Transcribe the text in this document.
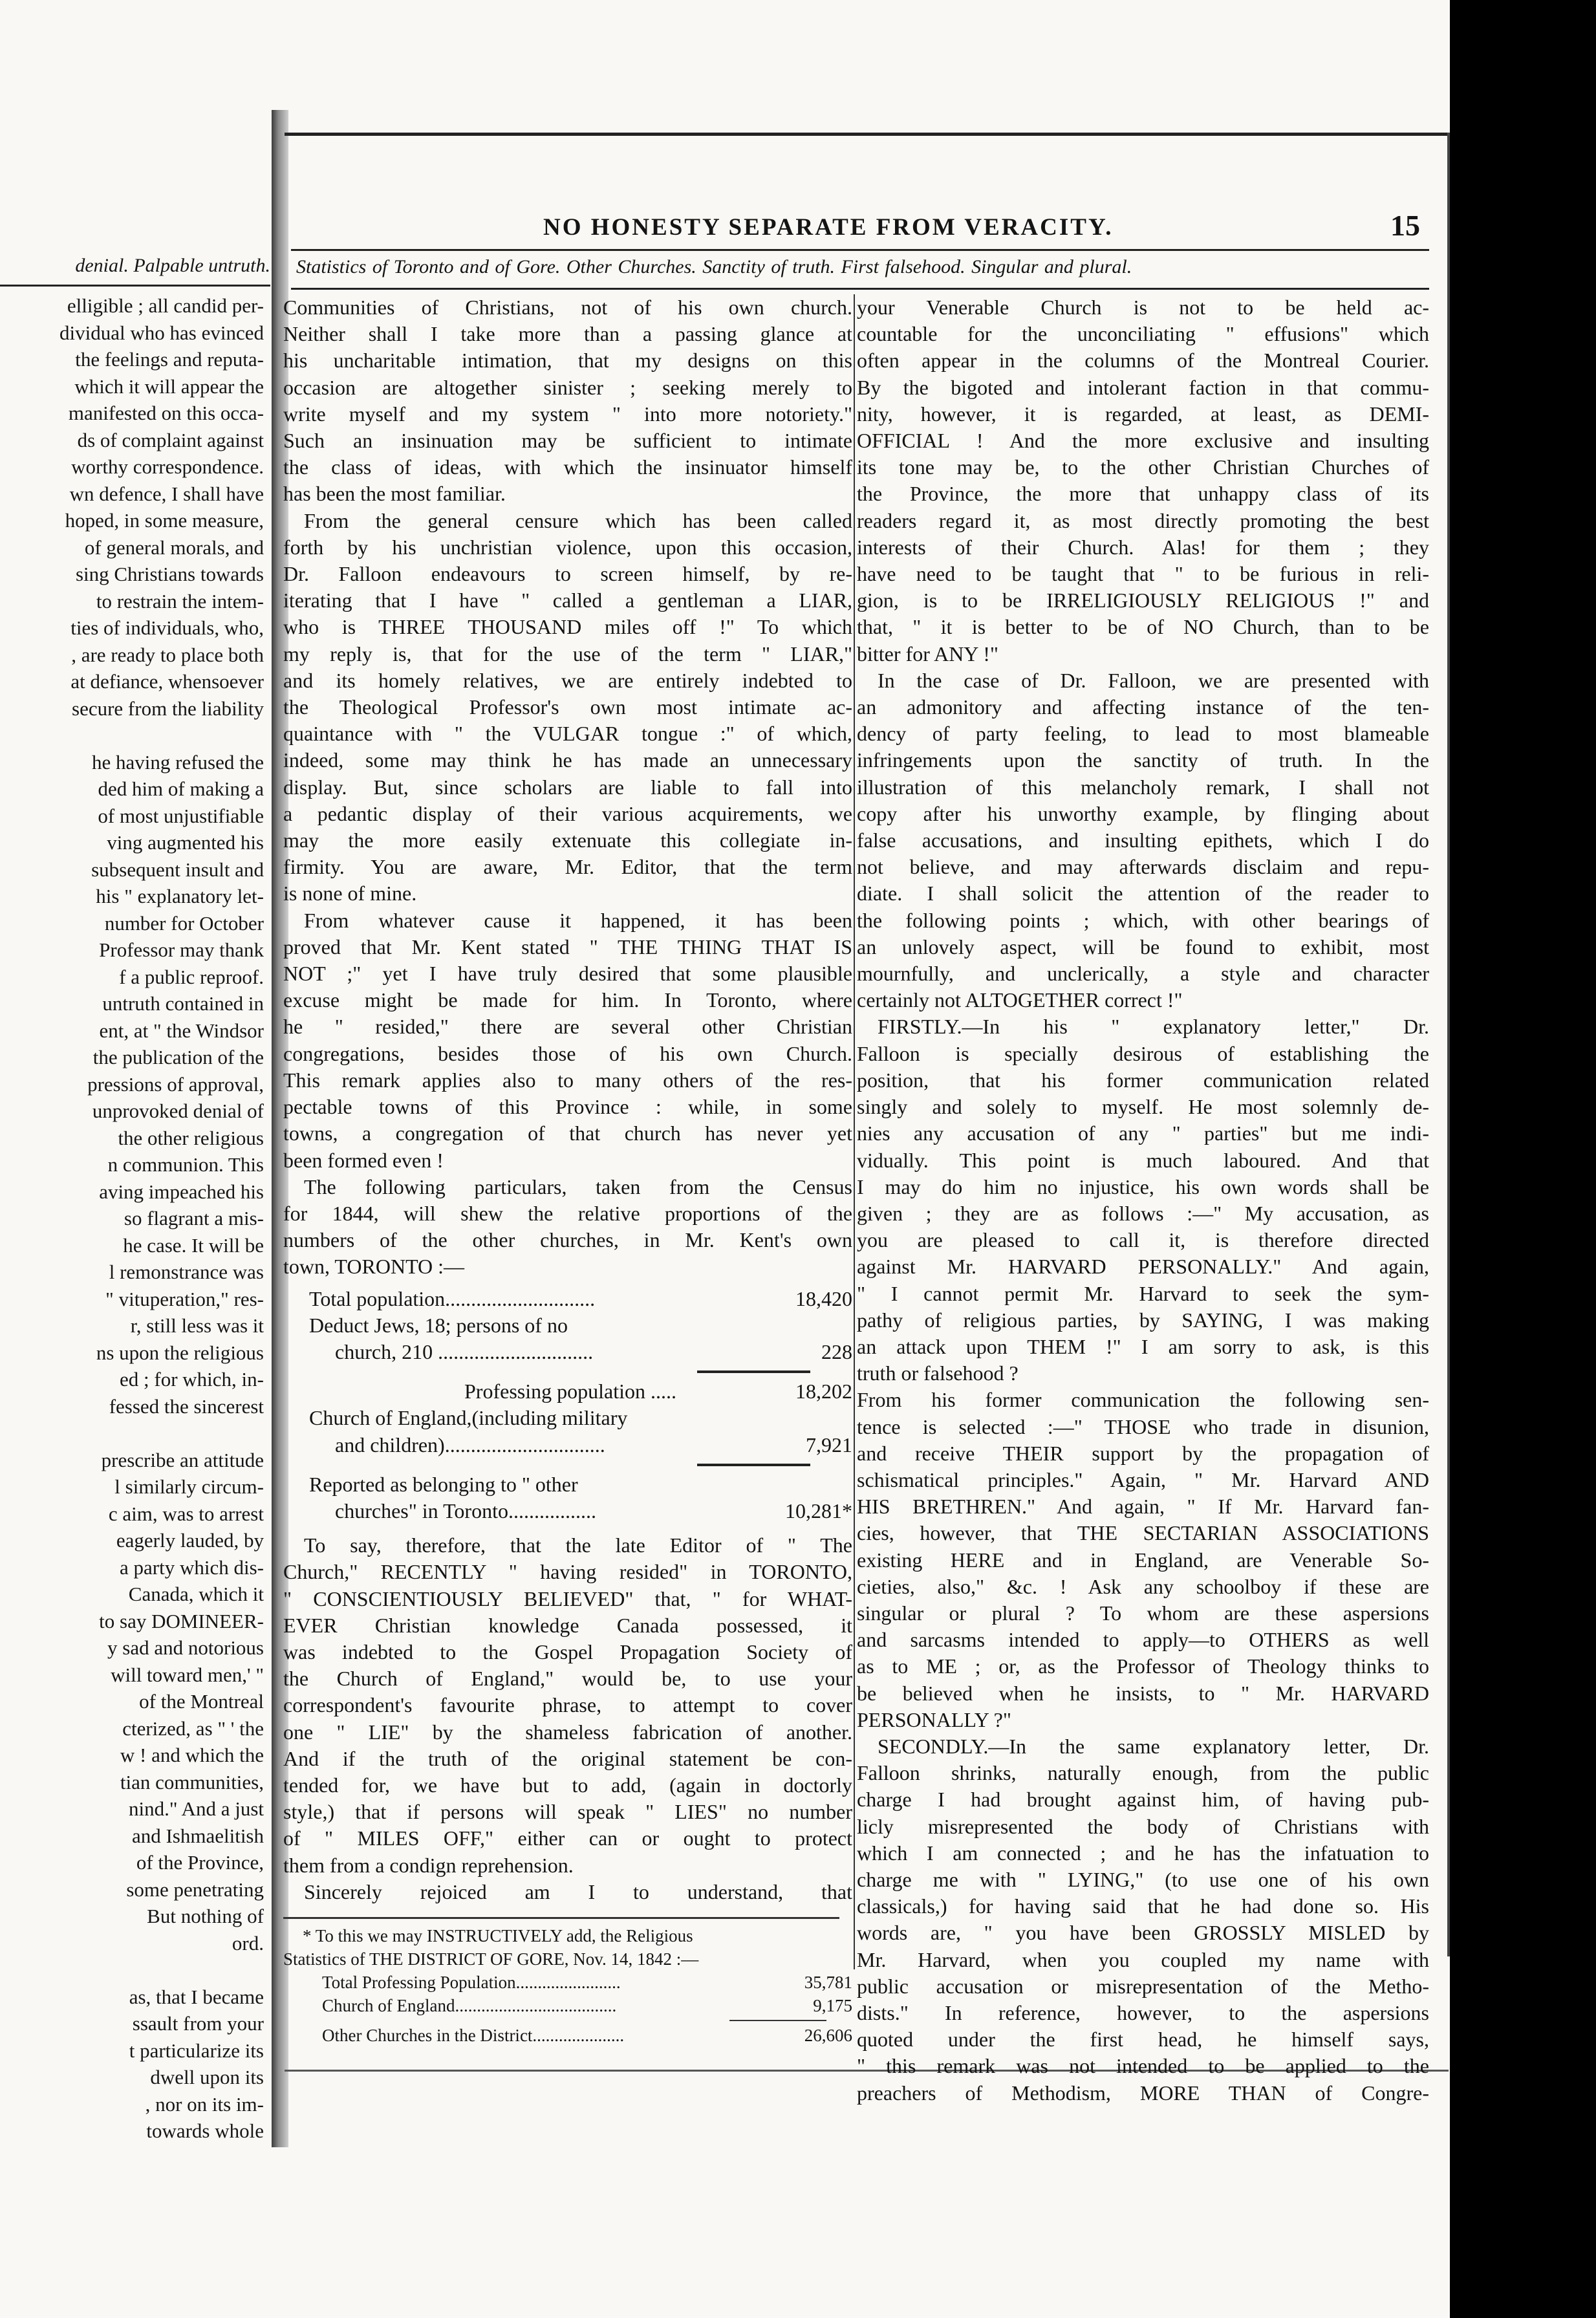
denial. Palpable untruth.
elligible ; all candid per-
dividual who has evinced
the feelings and reputa-
which it will appear the
manifested on this occa-
ds of complaint against
worthy correspondence.
wn defence, I shall have
hoped, in some measure,
of general morals, and
sing Christians towards
to restrain the intem-
ties of individuals, who,
, are ready to place both
at defiance, whensoever
secure from the liability

he having refused the
ded him of making a
of most unjustifiable
ving augmented his
subsequent insult and
his " explanatory let-
number for October
Professor may thank
f a public reproof.
untruth contained in
ent, at " the Windsor
the publication of the
pressions of approval,
unprovoked denial of
the other religious
n communion. This
aving impeached his
so flagrant a mis-
he case. It will be
l remonstrance was
" vituperation," res-
r, still less was it
ns upon the religious
ed ; for which, in-
fessed the sincerest

prescribe an attitude
l similarly circum-
c aim, was to arrest
eagerly lauded, by
a party which dis-
Canada, which it
to say DOMINEER-
y sad and notorious
will toward men,' "
of the Montreal
cterized, as " ' the
w ! and which the
tian communities,
nind." And a just
and Ishmaelitish
of the Province,
some penetrating
But nothing of
ord.

as, that I became
ssault from your
t particularize its
dwell upon its
, nor on its im-
towards whole
NO HONESTY SEPARATE FROM VERACITY.	15
Statistics of Toronto and of Gore. Other Churches. Sanctity of truth. First falsehood. Singular and plural.

Communities of Christians, not of his own church.
Neither shall I take more than a passing glance at
his uncharitable intimation, that my designs on this
occasion are altogether sinister ; seeking merely to
write myself and my system " into more notoriety."
Such an insinuation may be sufficient to intimate
the class of ideas, with which the insinuator himself
has been the most familiar.

From the general censure which has been called
forth by his unchristian violence, upon this occasion,
Dr. Falloon endeavours to screen himself, by re-
iterating that I have " called a gentleman a LIAR,
who is THREE THOUSAND miles off !" To which
my reply is, that for the use of the term " LIAR,"
and its homely relatives, we are entirely indebted to
the Theological Professor's own most intimate ac-
quaintance with " the VULGAR tongue :" of which,
indeed, some may think he has made an unnecessary
display. But, since scholars are liable to fall into
a pedantic display of their various acquirements, we
may the more easily extenuate this collegiate in-
firmity. You are aware, Mr. Editor, that the term
is none of mine.

From whatever cause it happened, it has been
proved that Mr. Kent stated " THE THING THAT IS
NOT ;" yet I have truly desired that some plausible
excuse might be made for him. In Toronto, where
he " resided," there are several other Christian
congregations, besides those of his own Church.
This remark applies also to many others of the res-
pectable towns of this Province : while, in some
towns, a congregation of that church has never yet
been formed even !

The following particulars, taken from the Census
for 1844, will shew the relative proportions of the
numbers of the other churches, in Mr. Kent's own
town, TORONTO :—

Total population.............................	18,420
Deduct Jews, 18; persons of no
church, 210 ..............................	228
Professing population .....	18,202
Church of England,(including military
and children)...............................	7,921
Reported as belonging to " other
churches" in Toronto.................	10,281*

To say, therefore, that the late Editor of " The
Church," RECENTLY " having resided" in TORONTO,
" CONSCIENTIOUSLY BELIEVED" that, " for WHAT-
EVER Christian knowledge Canada possessed, it
was indebted to the Gospel Propagation Society of
the Church of England," would be, to use your
correspondent's favourite phrase, to attempt to cover
one " LIE" by the shameless fabrication of another.
And if the truth of the original statement be con-
tended for, we have but to add, (again in doctorly
style,) that if persons will speak " LIES" no number
of " MILES OFF," either can or ought to protect
them from a condign reprehension.

Sincerely rejoiced am I to understand, that

* To this we may INSTRUCTIVELY add, the Religious
Statistics of THE DISTRICT OF GORE, Nov. 14, 1842 :—
Total Professing Population........................	35,781
Church of England.....................................	9,175
Other Churches in the District.....................	26,606

your Venerable Church is not to be held ac-
countable for the unconciliating " effusions" which
often appear in the columns of the Montreal Courier.
By the bigoted and intolerant faction in that commu-
nity, however, it is regarded, at least, as DEMI-
OFFICIAL ! And the more exclusive and insulting
its tone may be, to the other Christian Churches of
the Province, the more that unhappy class of its
readers regard it, as most directly promoting the best
interests of their Church. Alas! for them ; they
have need to be taught that " to be furious in reli-
gion, is to be IRRELIGIOUSLY RELIGIOUS !" and
that, " it is better to be of NO Church, than to be
bitter for ANY !"

In the case of Dr. Falloon, we are presented with
an admonitory and affecting instance of the ten-
dency of party feeling, to lead to most blameable
infringements upon the sanctity of truth. In the
illustration of this melancholy remark, I shall not
copy after his unworthy example, by flinging about
false accusations, and insulting epithets, which I do
not believe, and may afterwards disclaim and repu-
diate. I shall solicit the attention of the reader to
the following points ; which, with other bearings of
an unlovely aspect, will be found to exhibit, most
mournfully, and unclerically, a style and character
certainly not ALTOGETHER correct !"

FIRSTLY.—In his " explanatory letter," Dr.
Falloon is specially desirous of establishing the
position, that his former communication related
singly and solely to myself. He most solemnly de-
nies any accusation of any " parties" but me indi-
vidually. This point is much laboured. And that
I may do him no injustice, his own words shall be
given ; they are as follows :—" My accusation, as
you are pleased to call it, is therefore directed
against Mr. HARVARD PERSONALLY." And again,
" I cannot permit Mr. Harvard to seek the sym-
pathy of religious parties, by SAYING, I was making
an attack upon THEM !" I am sorry to ask, is this
truth or falsehood ?

From his former communication the following sen-
tence is selected :—" THOSE who trade in disunion,
and receive THEIR support by the propagation of
schismatical principles." Again, " Mr. Harvard AND
HIS BRETHREN." And again, " If Mr. Harvard fan-
cies, however, that THE SECTARIAN ASSOCIATIONS
existing HERE and in England, are Venerable So-
cieties, also," &c. ! Ask any schoolboy if these are
singular or plural ? To whom are these aspersions
and sarcasms intended to apply—to OTHERS as well
as to ME ; or, as the Professor of Theology thinks to
be believed when he insists, to " Mr. HARVARD
PERSONALLY ?"

SECONDLY.—In the same explanatory letter, Dr.
Falloon shrinks, naturally enough, from the public
charge I had brought against him, of having pub-
licly misrepresented the body of Christians with
which I am connected ; and he has the infatuation to
charge me with " LYING," (to use one of his own
classicals,) for having said that he had done so. His
words are, " you have been GROSSLY MISLED by
Mr. Harvard, when you coupled my name with
public accusation or misrepresentation of the Metho-
dists." In reference, however, to the aspersions
quoted under the first head, he himself says,
" this remark was not intended to be applied to the
preachers of Methodism, MORE THAN of Congre-
